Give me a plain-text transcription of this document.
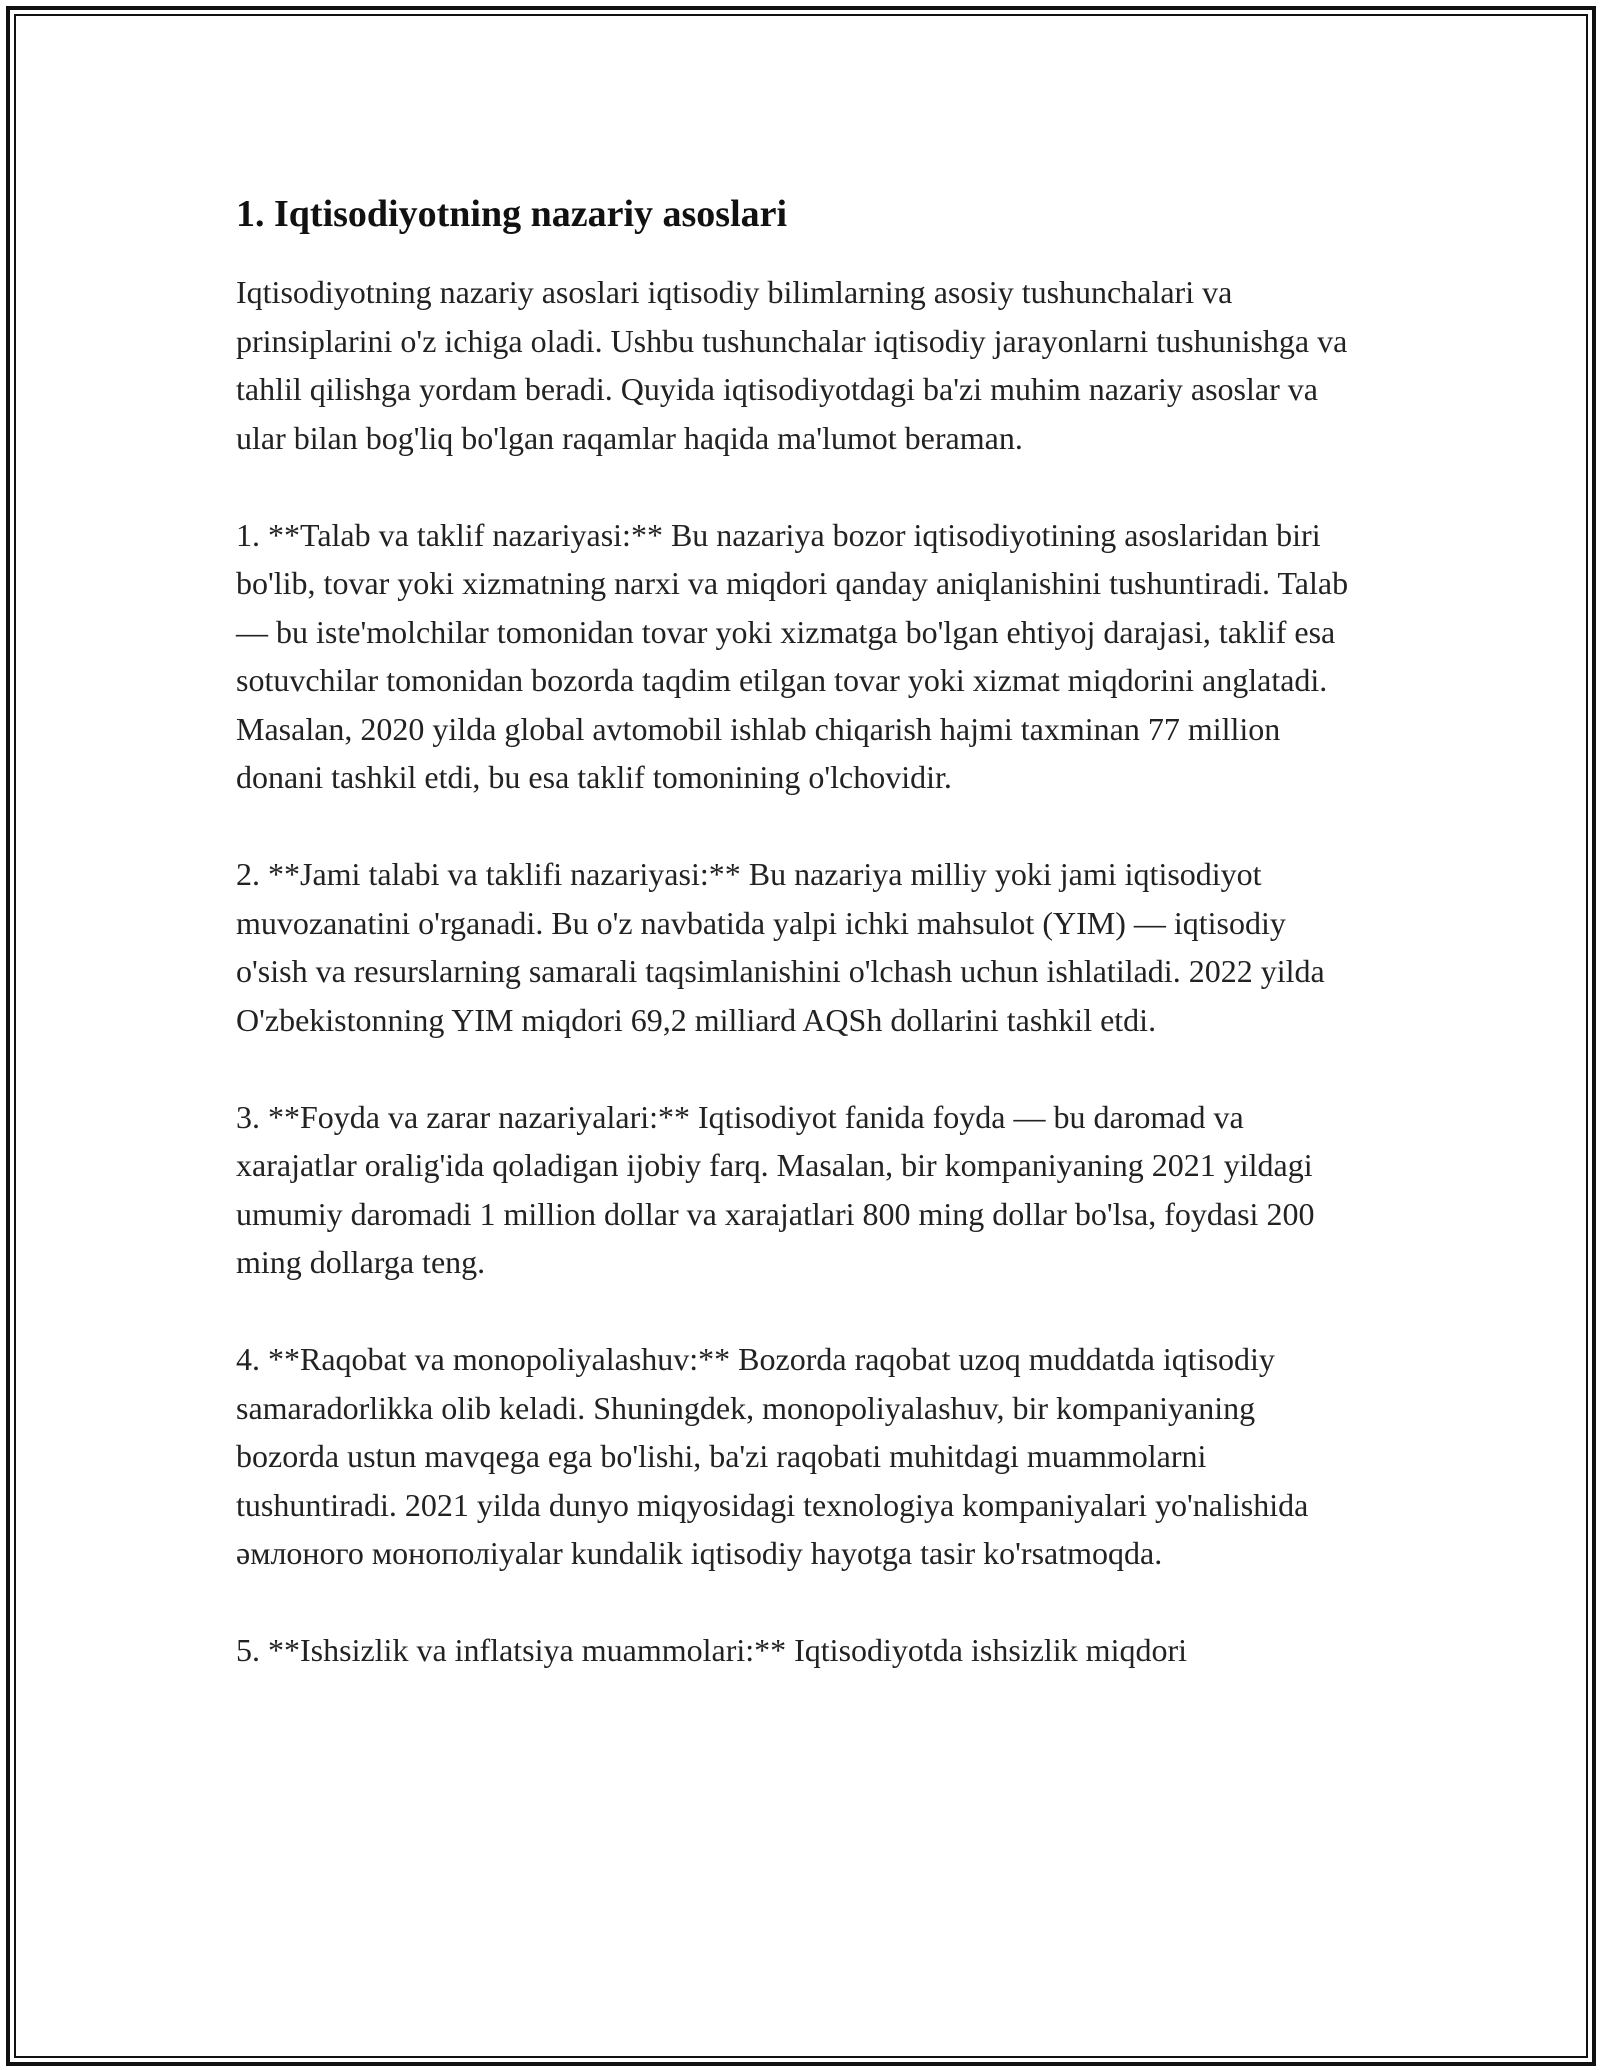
1. Iqtisodiyotning nazariy asoslari

Iqtisodiyotning nazariy asoslari iqtisodiy bilimlarning asosiy tushunchalari va prinsiplarini o'z ichiga oladi. Ushbu tushunchalar iqtisodiy jarayonlarni tushunishga va tahlil qilishga yordam beradi. Quyida iqtisodiyotdagi ba'zi muhim nazariy asoslar va ular bilan bog'liq bo'lgan raqamlar haqida ma'lumot beraman.

1. **Talab va taklif nazariyasi:** Bu nazariya bozor iqtisodiyotining asoslaridan biri bo'lib, tovar yoki xizmatning narxi va miqdori qanday aniqlanishini tushuntiradi. Talab — bu iste'molchilar tomonidan tovar yoki xizmatga bo'lgan ehtiyoj darajasi, taklif esa sotuvchilar tomonidan bozorda taqdim etilgan tovar yoki xizmat miqdorini anglatadi. Masalan, 2020 yilda global avtomobil ishlab chiqarish hajmi taxminan 77 million donani tashkil etdi, bu esa taklif tomonining o'lchovidir.

2. **Jami talabi va taklifi nazariyasi:** Bu nazariya milliy yoki jami iqtisodiyot muvozanatini o'rganadi. Bu o'z navbatida yalpi ichki mahsulot (YIM) — iqtisodiy o'sish va resurslarning samarali taqsimlanishini o'lchash uchun ishlatiladi. 2022 yilda O'zbekistonning YIM miqdori 69,2 milliard AQSh dollarini tashkil etdi.

3. **Foyda va zarar nazariyalari:** Iqtisodiyot fanida foyda — bu daromad va xarajatlar oralig'ida qoladigan ijobiy farq. Masalan, bir kompaniyaning 2021 yildagi umumiy daromadi 1 million dollar va xarajatlari 800 ming dollar bo'lsa, foydasi 200 ming dollarga teng.

4. **Raqobat va monopoliyalashuv:** Bozorda raqobat uzoq muddatda iqtisodiy samaradorlikka olib keladi. Shuningdek, monopoliyalashuv, bir kompaniyaning bozorda ustun mavqega ega bo'lishi, ba'zi raqobati muhitdagi muammolarni tushuntiradi. 2021 yilda dunyo miqyosidagi texnologiya kompaniyalari yo'nalishida əмлоного монополiyalar kundalik iqtisodiy hayotga tasir ko'rsatmoqda.

5. **Ishsizlik va inflatsiya muammolari:** Iqtisodiyotda ishsizlik miqdori
